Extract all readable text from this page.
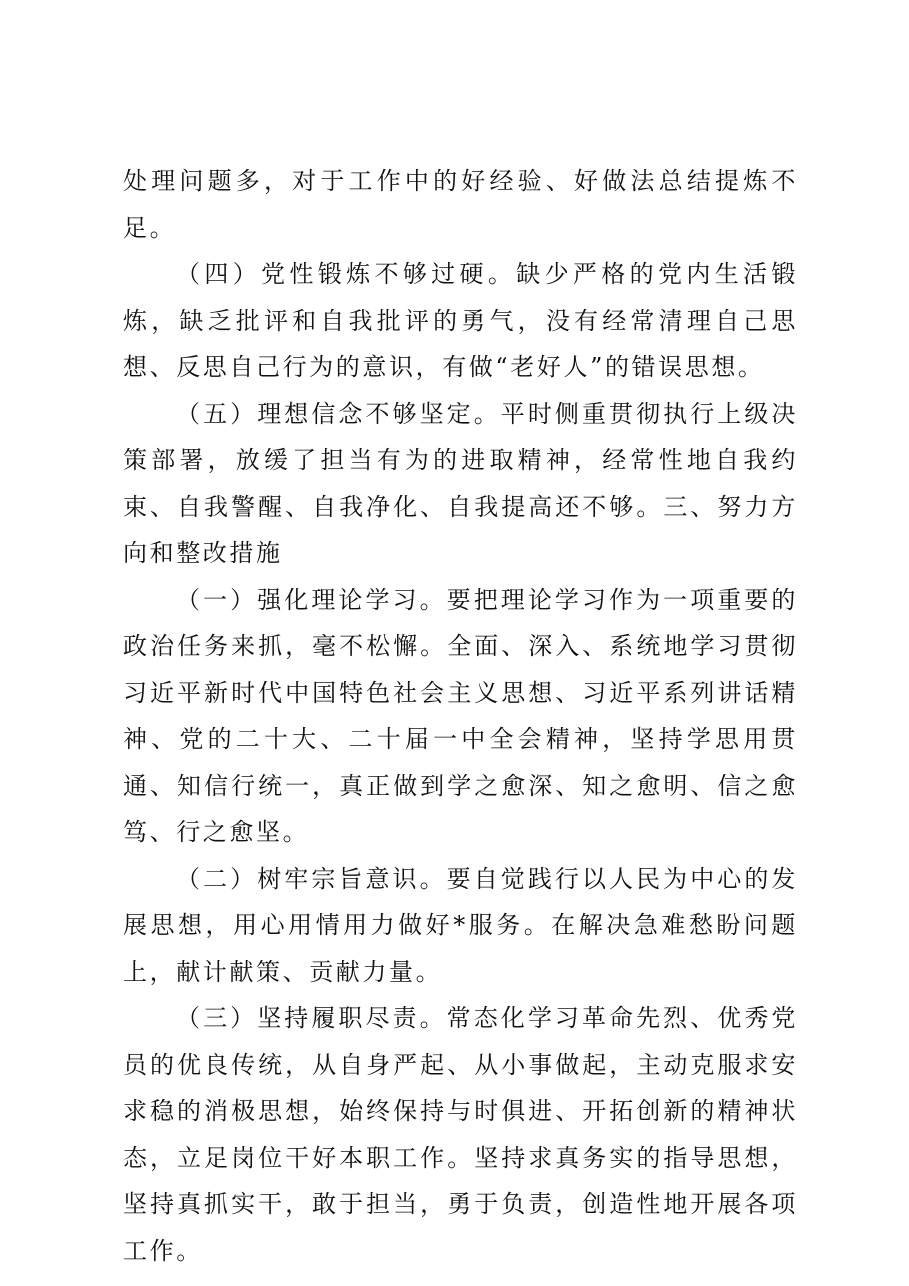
处理问题多，对于工作中的好经验、好做法总结提炼不足。

（四）党性锻炼不够过硬。缺少严格的党内生活锻炼，缺乏批评和自我批评的勇气，没有经常清理自己思想、反思自己行为的意识，有做“老好人”的错误思想。

（五）理想信念不够坚定。平时侧重贯彻执行上级决策部署，放缓了担当有为的进取精神，经常性地自我约束、自我警醒、自我净化、自我提高还不够。三、努力方向和整改措施

（一）强化理论学习。要把理论学习作为一项重要的政治任务来抓，毫不松懈。全面、深入、系统地学习贯彻习近平新时代中国特色社会主义思想、习近平系列讲话精神、党的二十大、二十届一中全会精神，坚持学思用贯通、知信行统一，真正做到学之愈深、知之愈明、信之愈笃、行之愈坚。

（二）树牢宗旨意识。要自觉践行以人民为中心的发展思想，用心用情用力做好*服务。在解决急难愁盼问题上，献计献策、贡献力量。

（三）坚持履职尽责。常态化学习革命先烈、优秀党员的优良传统，从自身严起、从小事做起，主动克服求安求稳的消极思想，始终保持与时俱进、开拓创新的精神状态，立足岗位干好本职工作。坚持求真务实的指导思想，坚持真抓实干，敢于担当，勇于负责，创造性地开展各项工作。
